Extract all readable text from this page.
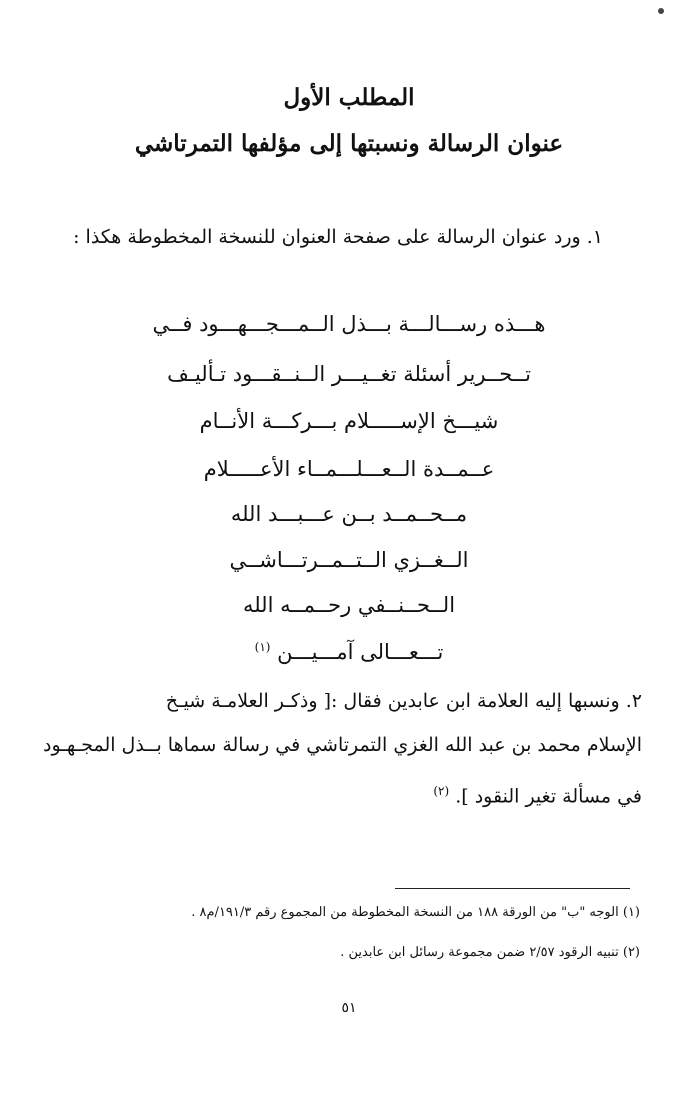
المطلب الأول
عنوان الرسالة ونسبتها إلى مؤلفها التمرتاشي
١. ورد عنوان الرسالة على صفحة العنوان للنسخة المخطوطة هكذا :
هـــذه رســـالـــة بـــذل الــمـــجـــهـــود فــي
تــحــرير أسئلة تغــيـــر الــنــقـــود تـأليـف
شيـــخ الإســـــلام بـــركـــة الأنــام
عــمــدة الــعـــلـــمــاء الأعـــــلام
مــحــمــد بــن عـــبـــد الله
الــغــزي الــتــمــرتـــاشــي
الــحــنــفي رحــمــه الله
تـــعـــالى آمـــيـــن $^{(١)}$
٢. ونسبها إليه العلامة ابن عابدين فقال :[ وذكـر العلامـة شيـخ
الإسلام محمد بن عبد الله الغزي التمرتاشي في رسالة سماها بــذل المجـهـود
في مسألة تغير النقود ]. $^{(٢)}$
(١) الوجه "ب" من الورقة ١٨٨ من النسخة المخطوطة من المجموع رقم ١٩١/٣/م٨ .
(٢) تنبيه الرقود ٢/٥٧ ضمن مجموعة رسائل ابن عابدين .
٥١
